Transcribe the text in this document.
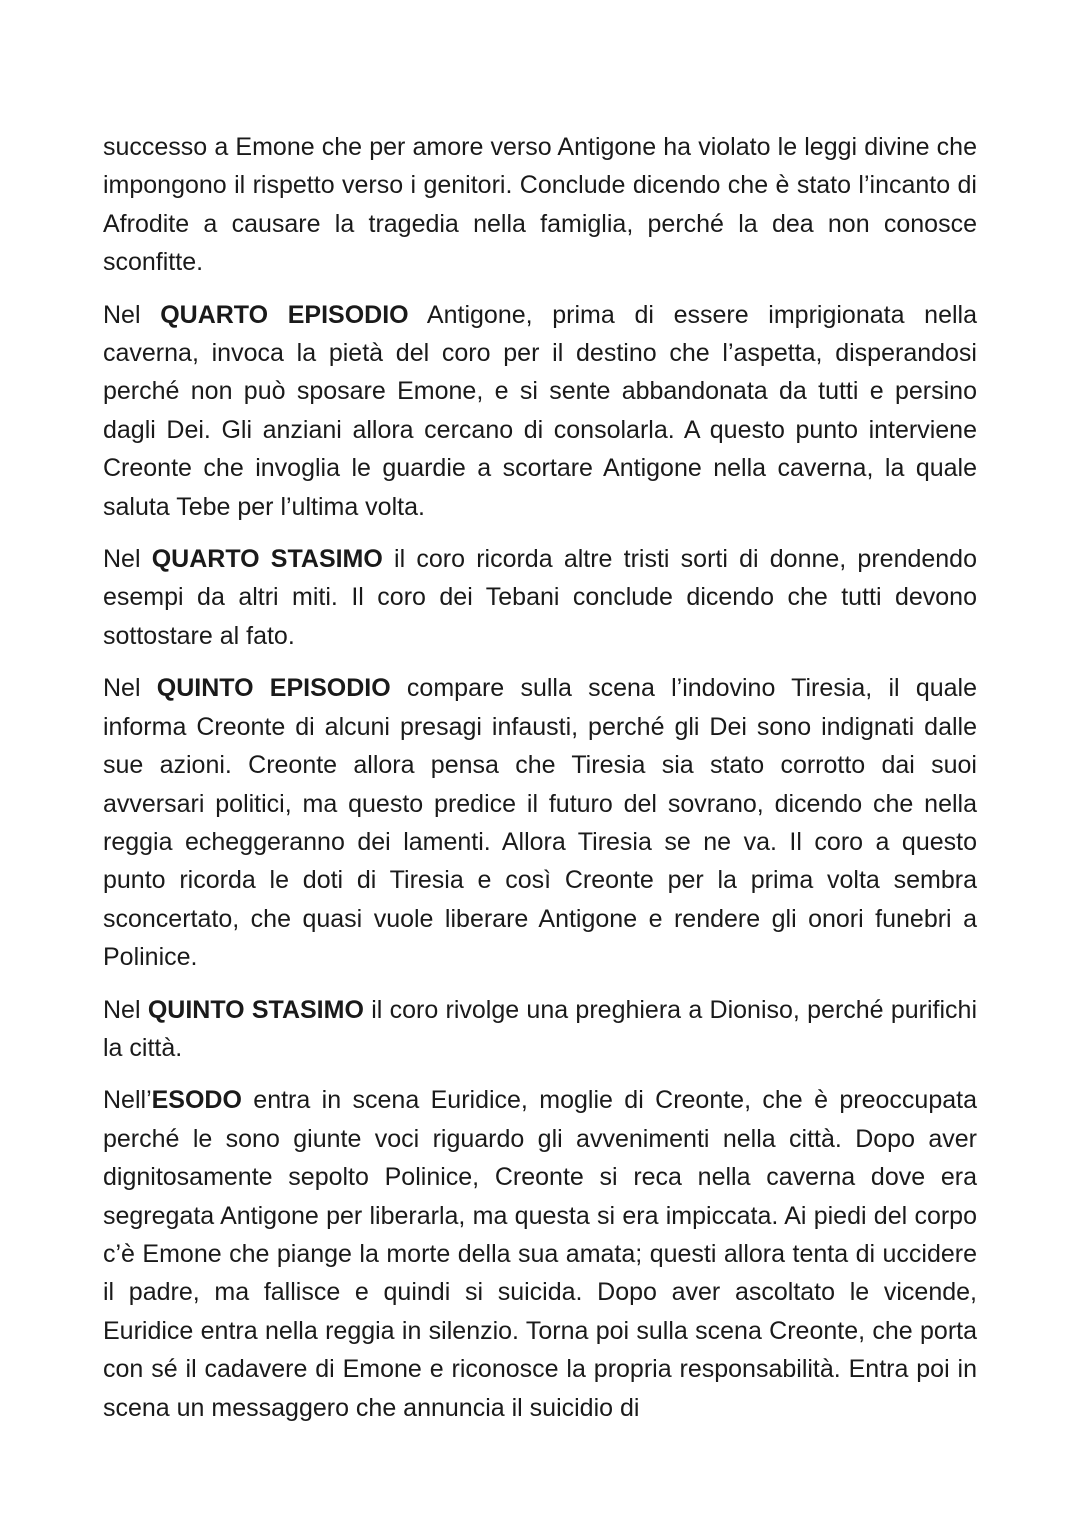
successo a Emone che per amore verso Antigone ha violato le leggi divine che impongono il rispetto verso i genitori. Conclude dicendo che è stato l’incanto di Afrodite a causare la tragedia nella famiglia, perché la dea non conosce sconfitte.

Nel QUARTO EPISODIO Antigone, prima di essere imprigionata nella caverna, invoca la pietà del coro per il destino che l’aspetta, disperandosi perché non può sposare Emone, e si sente abbandonata da tutti e persino dagli Dei. Gli anziani allora cercano di consolarla. A questo punto interviene Creonte che invoglia le guardie a scortare Antigone nella caverna, la quale saluta Tebe per l’ultima volta.

Nel QUARTO STASIMO il coro ricorda altre tristi sorti di donne, prendendo esempi da altri miti. Il coro dei Tebani conclude dicendo che tutti devono sottostare al fato.

Nel QUINTO EPISODIO compare sulla scena l’indovino Tiresia, il quale informa Creonte di alcuni presagi infausti, perché gli Dei sono indignati dalle sue azioni. Creonte allora pensa che Tiresia sia stato corrotto dai suoi avversari politici, ma questo predice il futuro del sovrano, dicendo che nella reggia echeggeranno dei lamenti. Allora Tiresia se ne va. Il coro a questo punto ricorda le doti di Tiresia e così Creonte per la prima volta sembra sconcertato, che quasi vuole liberare Antigone e rendere gli onori funebri a Polinice.

Nel QUINTO STASIMO il coro rivolge una preghiera a Dioniso, perché purifichi la città.

Nell’ESODO entra in scena Euridice, moglie di Creonte, che è preoccupata perché le sono giunte voci riguardo gli avvenimenti nella città. Dopo aver dignitosamente sepolto Polinice, Creonte si reca nella caverna dove era segregata Antigone per liberarla, ma questa si era impiccata. Ai piedi del corpo c’è Emone che piange la morte della sua amata; questi allora tenta di uccidere il padre, ma fallisce e quindi si suicida. Dopo aver ascoltato le vicende, Euridice entra nella reggia in silenzio. Torna poi sulla scena Creonte, che porta con sé il cadavere di Emone e riconosce la propria responsabilità. Entra poi in scena un messaggero che annuncia il suicidio di
